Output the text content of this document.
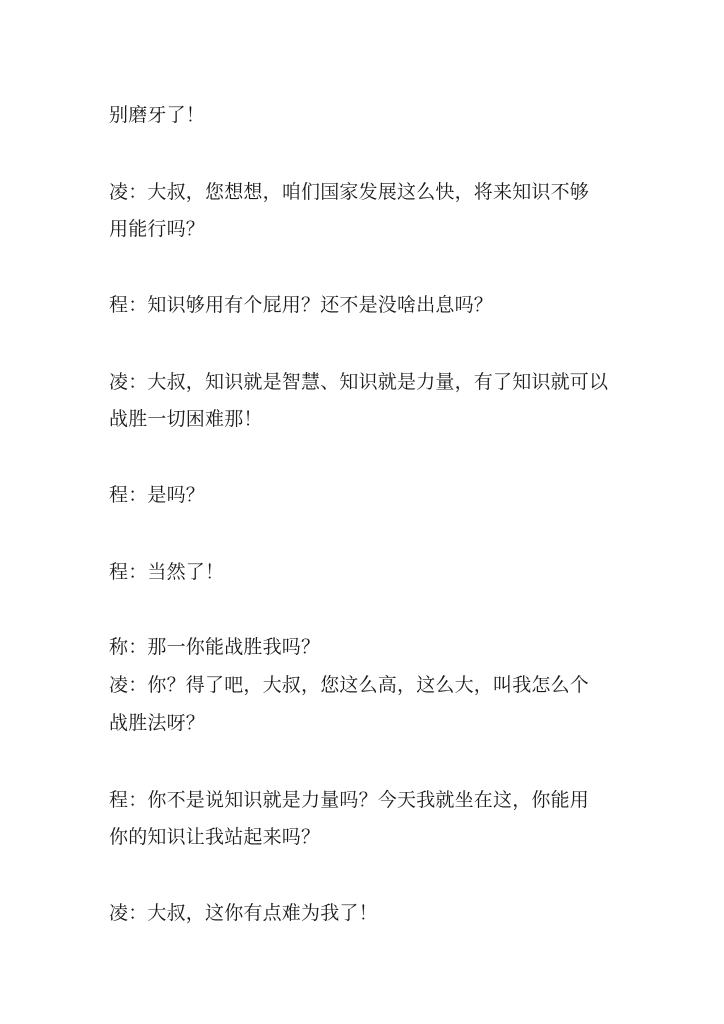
别磨牙了！
凌：大叔，您想想，咱们国家发展这么快，将来知识不够
用能行吗？
程：知识够用有个屁用？还不是没啥出息吗？
凌：大叔，知识就是智慧、知识就是力量，有了知识就可以
战胜一切困难那！
程：是吗？
程：当然了！
称：那一你能战胜我吗？
凌：你？得了吧，大叔，您这么高，这么大，叫我怎么个
战胜法呀？
程：你不是说知识就是力量吗？今天我就坐在这，你能用
你的知识让我站起来吗？
凌：大叔，这你有点难为我了！
